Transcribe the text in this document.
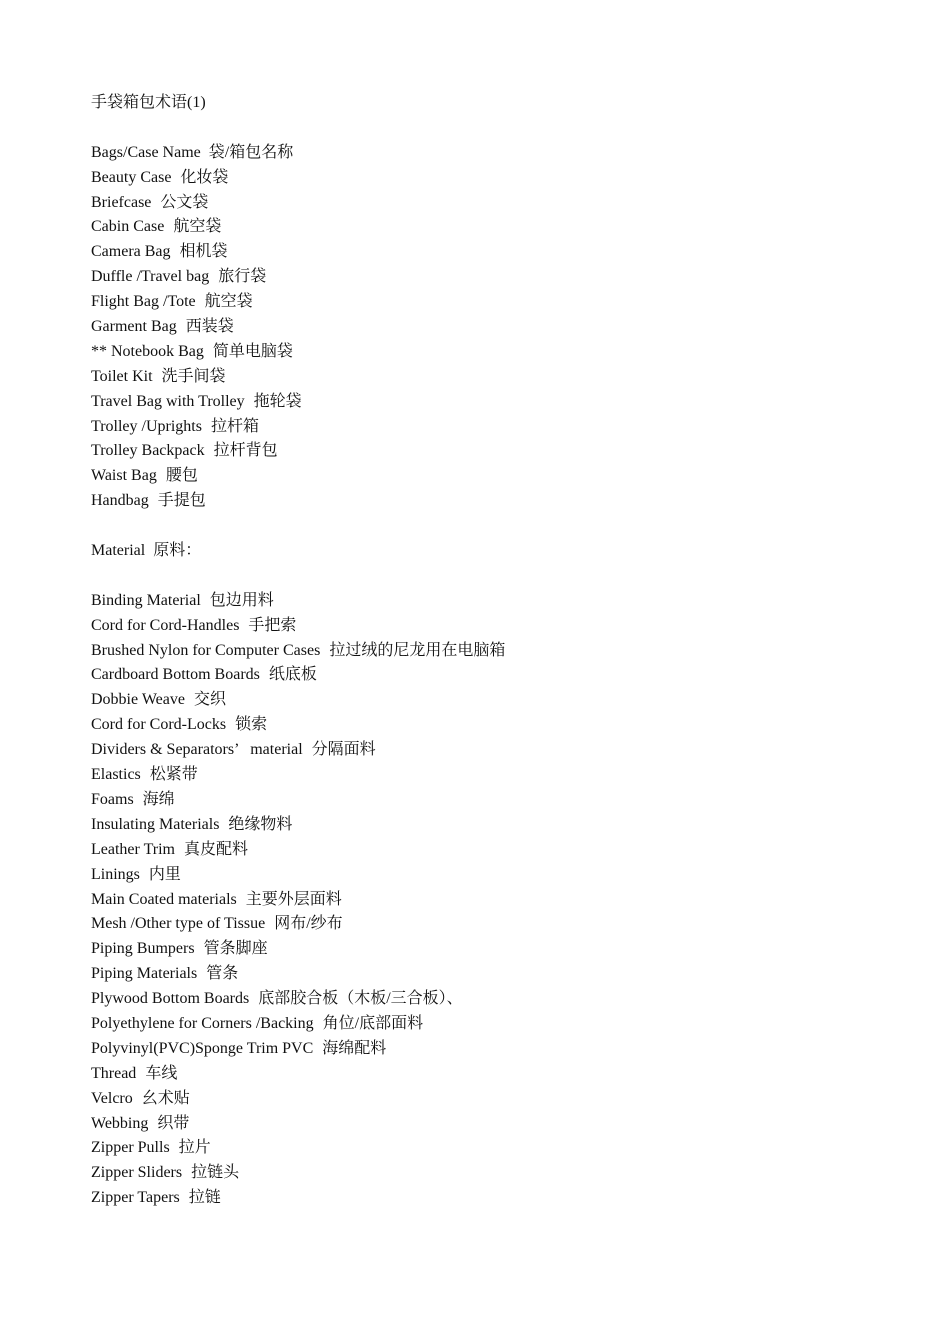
手袋箱包术语(1)
Bags/Case Name  袋/箱包名称
Beauty Case 化妆袋
Briefcase 公文袋
Cabin Case 航空袋
Camera Bag 相机袋
Duffle /Travel bag 旅行袋
Flight Bag /Tote 航空袋
Garment Bag 西装袋
** Notebook Bag 简单电脑袋
Toilet Kit 洗手间袋
Travel Bag with Trolley 拖轮袋
Trolley /Uprights 拉杆箱
Trolley Backpack 拉杆背包
Waist Bag 腰包
Handbag 手提包
Material  原料：
Binding Material 包边用料
Cord for Cord-Handles 手把索
Brushed Nylon for Computer Cases 拉过绒的尼龙用在电脑箱
Cardboard Bottom Boards 纸底板
Dobbie Weave 交织
Cord for Cord-Locks 锁索
Dividers & Separators’   material 分隔面料
Elastics 松紧带
Foams 海绵
Insulating Materials 绝缘物料
Leather Trim 真皮配料
Linings 内里
Main Coated materials 主要外层面料
Mesh /Other type of Tissue 网布/纱布
Piping Bumpers 管条脚座
Piping Materials 管条
Plywood Bottom Boards 底部胶合板（木板/三合板）、
Polyethylene for Corners /Backing 角位/底部面料
Polyvinyl(PVC)Sponge Trim PVC 海绵配料
Thread 车线
Velcro 幺术贴
Webbing 织带
Zipper Pulls 拉片
Zipper Sliders 拉链头
Zipper Tapers 拉链
